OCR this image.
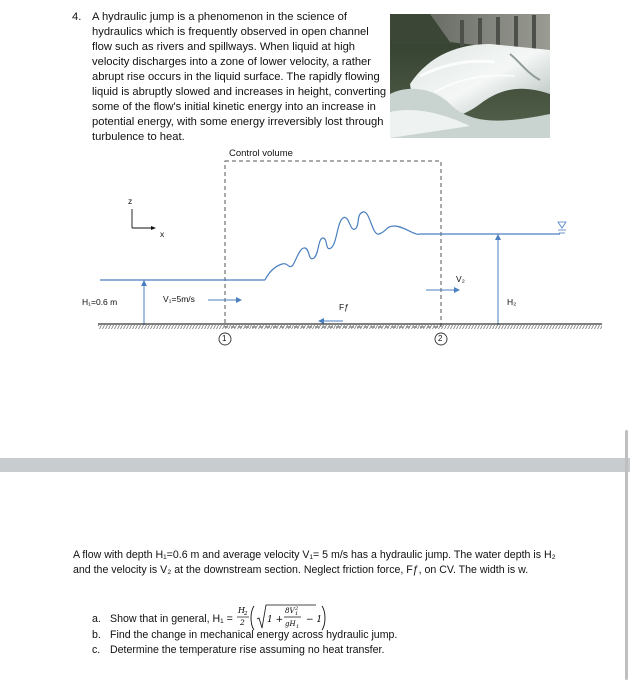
4. A hydraulic jump is a phenomenon in the science of hydraulics which is frequently observed in open channel flow such as rivers and spillways. When liquid at high velocity discharges into a zone of lower velocity, a rather abrupt rise occurs in the liquid surface. The rapidly flowing liquid is abruptly slowed and increases in height, converting some of the flow's initial kinetic energy into an increase in potential energy, with some energy irreversibly lost through turbulence to heat.
Control volume
z
x
H₁=0.6 m	V₁=5m/s
Fƒ
V₂
H₂
1	2
A flow with depth H₁=0.6 m and average velocity V₁= 5 m/s has a hydraulic jump. The water depth is H₂ and the velocity is V₂ at the downstream section. Neglect friction force, Fƒ, on CV. The width is w.
a. Show that in general, H₁ =
H 2
2 1 +
8V 2
1
gH 1
− 1
b. Find the change in mechanical energy across hydraulic jump.
c. Determine the temperature rise assuming no heat transfer.
